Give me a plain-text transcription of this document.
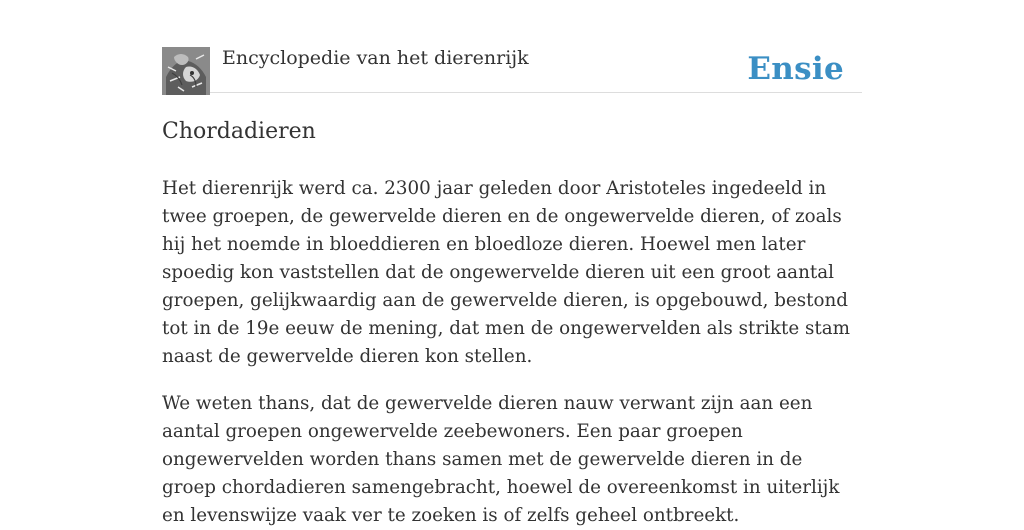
Encyclopedie van het dierenrijk	Ensie
Chordadieren

Het dierenrijk werd ca. 2300 jaar geleden door Aristoteles ingedeeld in twee groepen, de gewervelde dieren en de ongewervelde dieren, of zoals hij het noemde in bloeddieren en bloedloze dieren. Hoewel men later spoedig kon vaststellen dat de ongewervelde dieren uit een groot aantal groepen, gelijkwaardig aan de gewervelde dieren, is opgebouwd, bestond tot in de 19e eeuw de mening, dat men de ongewervelden als strikte stam naast de gewervelde dieren kon stellen.

We weten thans, dat de gewervelde dieren nauw verwant zijn aan een aantal groepen ongewervelde zeebewoners. Een paar groepen ongewervelden worden thans samen met de gewervelde dieren in de groep chordadieren samengebracht, hoewel de overeenkomst in uiterlijk en levenswijze vaak ver te zoeken is of zelfs geheel ontbreekt.
